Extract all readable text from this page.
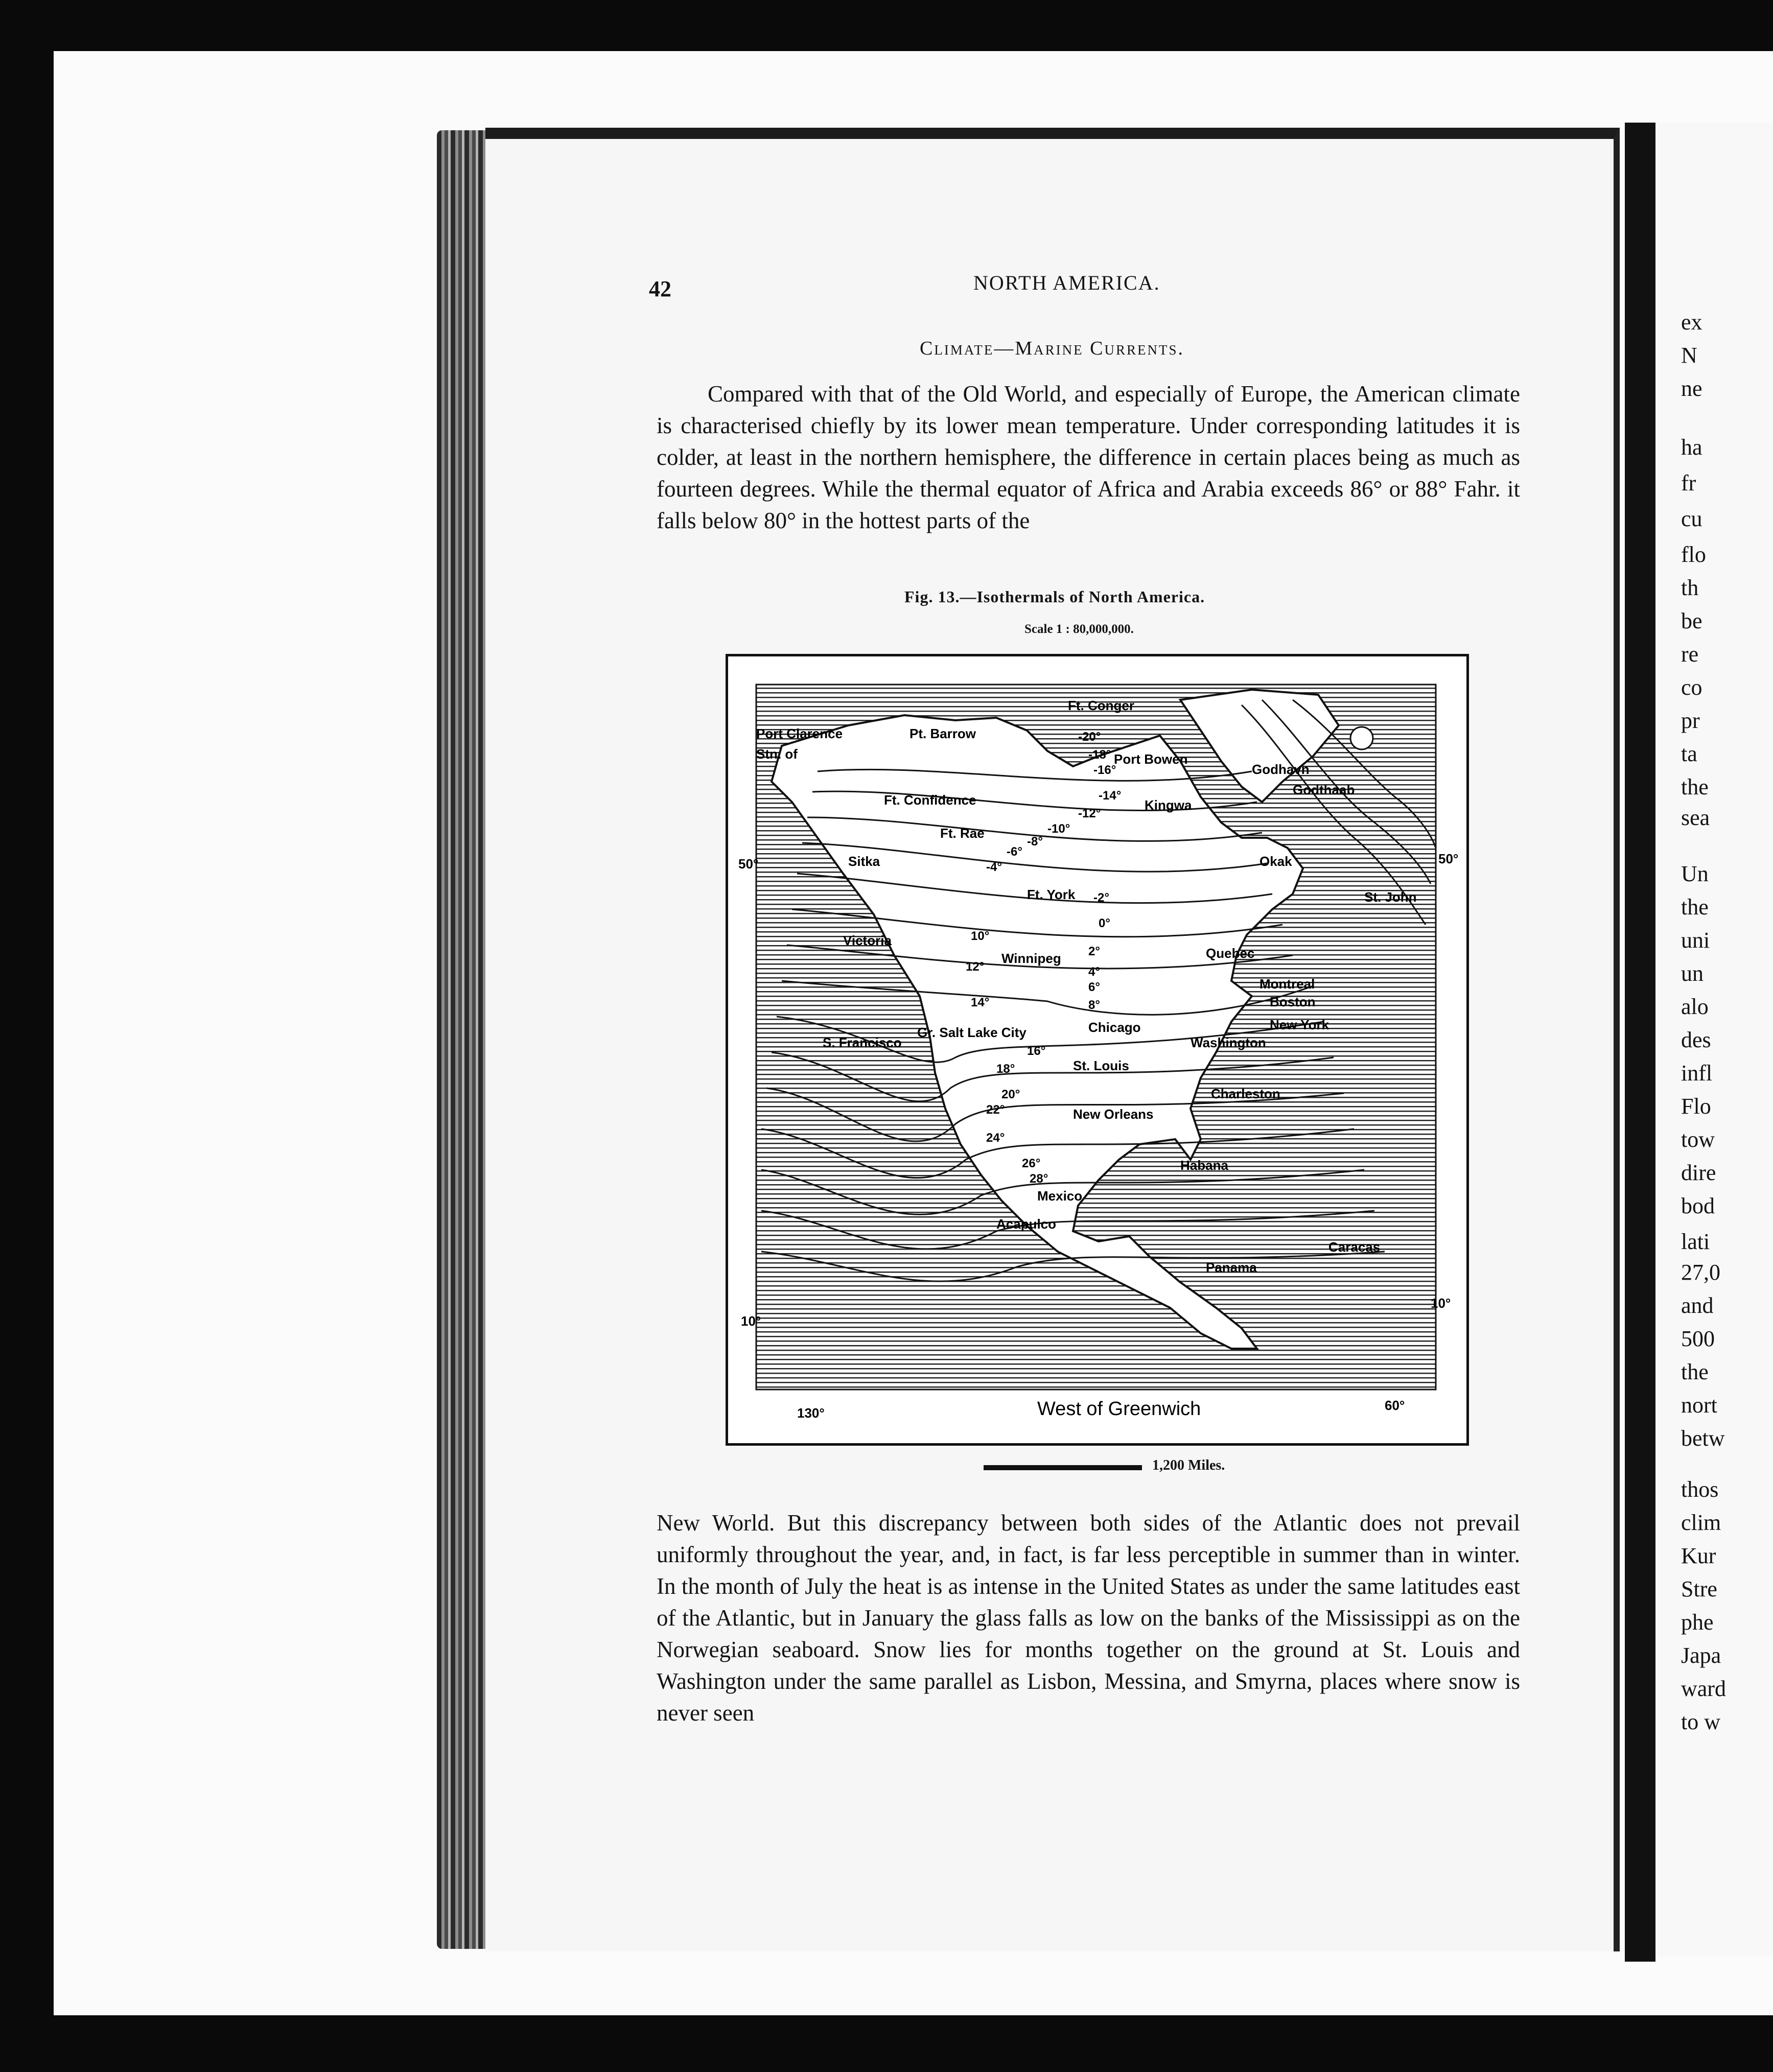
42	NORTH AMERICA.
Climate—Marine Currents.
Compared with that of the Old World, and especially of Europe, the American climate is characterised chiefly by its lower mean temperature. Under corresponding latitudes it is colder, at least in the northern hemisphere, the difference in certain places being as much as fourteen degrees. While the thermal equator of Africa and Arabia exceeds 86° or 88° Fahr. it falls below 80° in the hottest parts of the
Fig. 13.—Isothermals of North America.
Scale 1 : 80,000,000.
Ft. Conger
Pt. Barrow
Port Clarence
Stn. of	Port Bowen
Godhavn
Godthaab
Ft. Confidence	Kingwa
Ft. Rae
Sitka	Okak
Ft. York	St. John
Victoria
Winnipeg	Quebec
Montreal
Boston
New York
Gr. Salt Lake City	Chicago
Washington
S. Francisco
St. Louis
Charleston
New Orleans
Habana
Mexico
Acapulco
Panama
Caracas
-20°
-18°
-16°
-14°
-12°
-10°
-8°
-6°
-4°
-2°
0°
2°
4°
6°
8°
10°
12°
14°
16°
18°
20°
22°
24°
26°
28°
50°	50°
10°
10°
130°	60°
West of Greenwich
1,200 Miles.
New World. But this discrepancy between both sides of the Atlantic does not prevail uniformly throughout the year, and, in fact, is far less perceptible in summer than in winter. In the month of July the heat is as intense in the United States as under the same latitudes east of the Atlantic, but in January the glass falls as low on the banks of the Mississippi as on the Norwegian seaboard. Snow lies for months together on the ground at St. Louis and Washington under the same parallel as Lisbon, Messina, and Smyrna, places where snow is never seen
ex
N
ne
ha
fr
cu
flo
th
be
re
co
pr
ta
the
sea
Un
the
uni
un
alo
des
infl
Flo
tow
dire
bod
lati
27,0
and
500
the
nort
betw
thos
clim
Kur
Stre
phe
Japa
ward
to w
